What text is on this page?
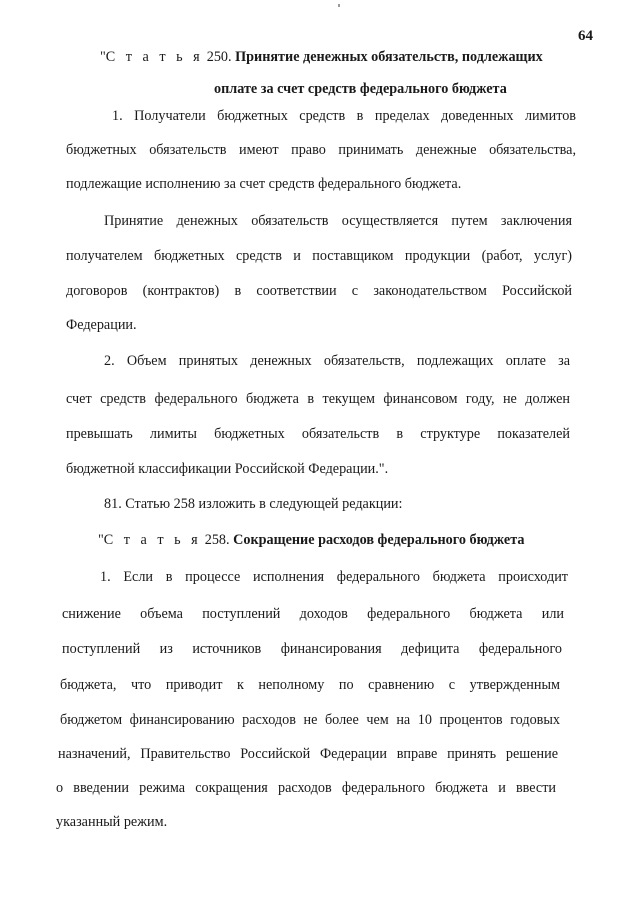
64
"С т а т ь я 250. Принятие денежных обязательств, подлежащих
оплате за счет средств федерального бюджета
1. Получатели бюджетных средств в пределах доведенных лимитов
бюджетных обязательств имеют право принимать денежные обязательства,
подлежащие исполнению за счет средств федерального бюджета.
Принятие денежных обязательств осуществляется путем заключения
получателем бюджетных средств и поставщиком продукции (работ, услуг)
договоров (контрактов) в соответствии с законодательством Российской
Федерации.
2. Объем принятых денежных обязательств, подлежащих оплате за
счет средств федерального бюджета в текущем финансовом году, не должен
превышать лимиты бюджетных обязательств в структуре показателей
бюджетной классификации Российской Федерации.".
81. Статью 258 изложить в следующей редакции:
"С т а т ь я 258. Сокращение расходов федерального бюджета
1. Если в процессе исполнения федерального бюджета происходит
снижение объема поступлений доходов федерального бюджета или
поступлений из источников финансирования дефицита федерального
бюджета, что приводит к неполному по сравнению с утвержденным
бюджетом финансированию расходов не более чем на 10 процентов годовых
назначений, Правительство Российской Федерации вправе принять решение
о введении режима сокращения расходов федерального бюджета и ввести
указанный режим.
